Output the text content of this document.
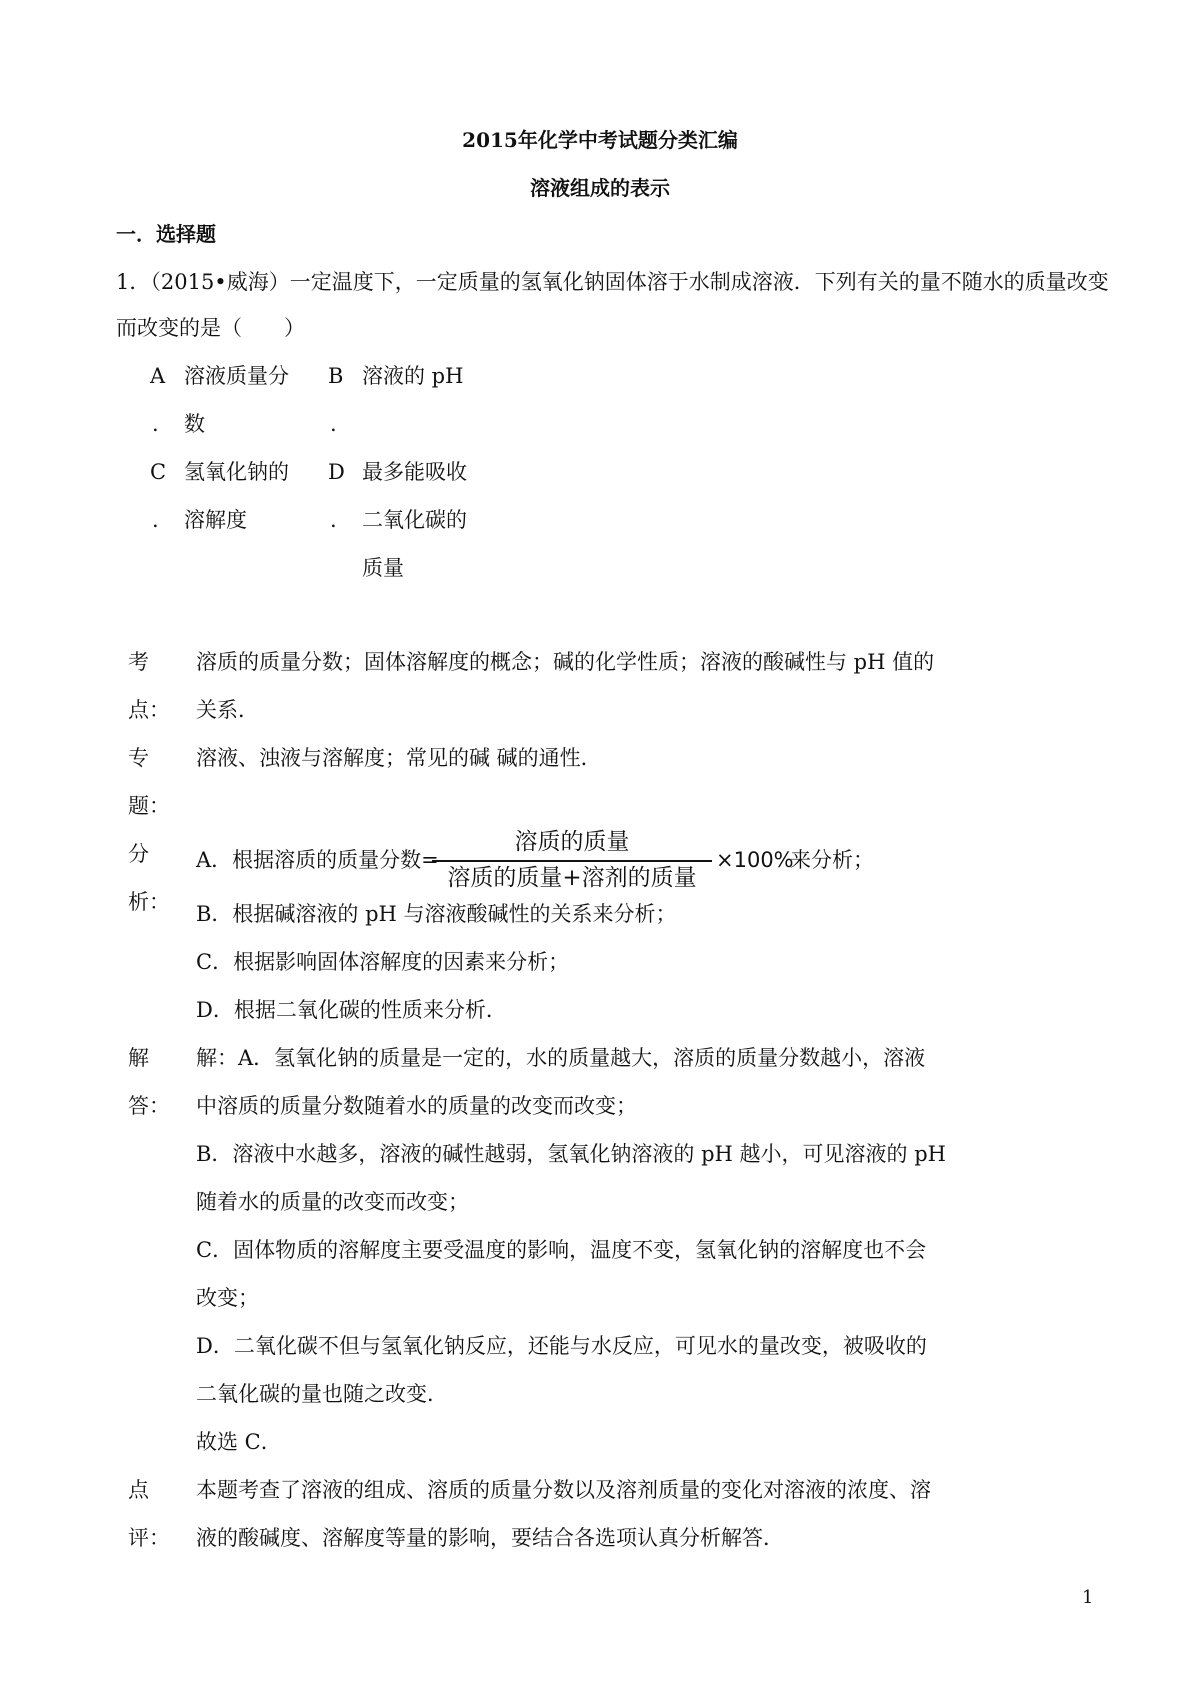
2015年化学中考试题分类汇编
溶液组成的表示
一．选择题
1．（2015•威海）一定温度下，一定质量的氢氧化钠固体溶于水制成溶液．下列有关的量不随水的质量改变
而改变的是（　　）
A
.
溶液质量分
数
B
.
溶液的 pH
C
.
氢氧化钠的
溶解度
D
.
最多能吸收
二氧化碳的
质量
考
点：
溶质的质量分数；固体溶解度的概念；碱的化学性质；溶液的酸碱性与 pH 值的
关系．
专
题：
溶液、浊液与溶解度；常见的碱 碱的通性．
分
析：
A．根据溶质的质量分数=
溶质的质量
溶质的质量+溶剂的质量
×100%
来分析；
B．根据碱溶液的 pH 与溶液酸碱性的关系来分析；
C．根据影响固体溶解度的因素来分析；
D．根据二氧化碳的性质来分析．
解
答：
解：A．氢氧化钠的质量是一定的，水的质量越大，溶质的质量分数越小，溶液
中溶质的质量分数随着水的质量的改变而改变；
B．溶液中水越多，溶液的碱性越弱，氢氧化钠溶液的 pH 越小，可见溶液的 pH
随着水的质量的改变而改变；
C．固体物质的溶解度主要受温度的影响，温度不变，氢氧化钠的溶解度也不会
改变；
D．二氧化碳不但与氢氧化钠反应，还能与水反应，可见水的量改变，被吸收的
二氧化碳的量也随之改变．
故选 C．
点
评：
本题考查了溶液的组成、溶质的质量分数以及溶剂质量的变化对溶液的浓度、溶
液的酸碱度、溶解度等量的影响，要结合各选项认真分析解答．
1
